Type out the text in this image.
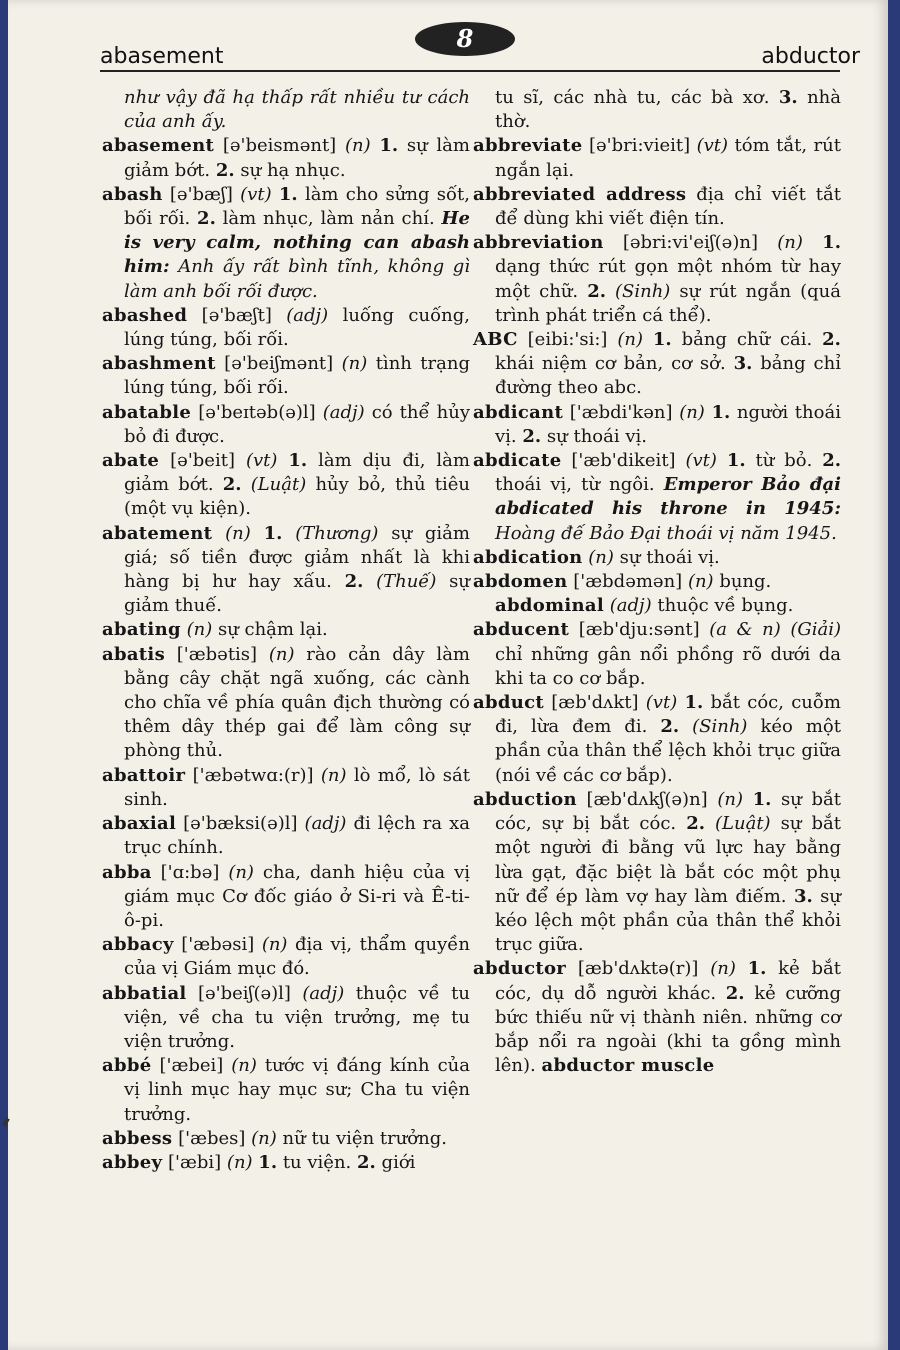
abasement	abductor
8

như vậy đã hạ thấp rất nhiều tư cách của anh ấy.

abasement [ə'beismənt] (n) 1. sự làm giảm bớt. 2. sự hạ nhục.

abash [ə'bæʃ] (vt) 1. làm cho sửng sốt, bối rối. 2. làm nhục, làm nản chí. He is very calm, nothing can abash him: Anh ấy rất bình tĩnh, không gì làm anh bối rối được.

abashed [ə'bæʃt] (adj) luống cuống, lúng túng, bối rối.

abashment [ə'beiʃmənt] (n) tình trạng lúng túng, bối rối.

abatable [ə'beɪtəb(ə)l] (adj) có thể hủy bỏ đi được.

abate [ə'beit] (vt) 1. làm dịu đi, làm giảm bớt. 2. (Luật) hủy bỏ, thủ tiêu (một vụ kiện).

abatement (n) 1. (Thương) sự giảm giá; số tiền được giảm nhất là khi hàng bị hư hay xấu. 2. (Thuế) sự giảm thuế.

abating (n) sự chậm lại.

abatis ['æbətis] (n) rào cản dây làm bằng cây chặt ngã xuống, các cành cho chĩa về phía quân địch thường có thêm dây thép gai để làm công sự phòng thủ.

abattoir ['æbətwɑ:(r)] (n) lò mổ, lò sát sinh.

abaxial [ə'bæksi(ə)l] (adj) đi lệch ra xa trục chính.

abba ['ɑ:bə] (n) cha, danh hiệu của vị giám mục Cơ đốc giáo ở Si-ri và Ê-ti-ô-pi.

abbacy ['æbəsi] (n) địa vị, thẩm quyền của vị Giám mục đó.

abbatial [ə'beiʃ(ə)l] (adj) thuộc về tu viện, về cha tu viện trưởng, mẹ tu viện trưởng.

abbé ['æbei] (n) tước vị đáng kính của vị linh mục hay mục sư; Cha tu viện trưởng.

abbess ['æbes] (n) nữ tu viện trưởng.

abbey ['æbi] (n) 1. tu viện. 2. giới

tu sĩ, các nhà tu, các bà xơ. 3. nhà thờ.

abbreviate [ə'bri:vieit] (vt) tóm tắt, rút ngắn lại.

abbreviated address địa chỉ viết tắt để dùng khi viết điện tín.

abbreviation [əbri:vi'eiʃ(ə)n] (n) 1. dạng thức rút gọn một nhóm từ hay một chữ. 2. (Sinh) sự rút ngắn (quá trình phát triển cá thể).

ABC [eibi:'si:] (n) 1. bảng chữ cái. 2. khái niệm cơ bản, cơ sở. 3. bảng chỉ đường theo abc.

abdicant ['æbdi'kən] (n) 1. người thoái vị. 2. sự thoái vị.

abdicate ['æb'dikeit] (vt) 1. từ bỏ. 2. thoái vị, từ ngôi. Emperor Bảo đại abdicated his throne in 1945: Hoàng đế Bảo Đại thoái vị năm 1945.

abdication (n) sự thoái vị.

abdomen ['æbdəmən] (n) bụng.

abdominal (adj) thuộc về bụng.

abducent [æb'dju:sənt] (a & n) (Giải) chỉ những gân nổi phồng rõ dưới da khi ta co cơ bắp.

abduct [æb'dʌkt] (vt) 1. bắt cóc, cuỗm đi, lừa đem đi. 2. (Sinh) kéo một phần của thân thể lệch khỏi trục giữa (nói về các cơ bắp).

abduction [æb'dʌkʃ(ə)n] (n) 1. sự bắt cóc, sự bị bắt cóc. 2. (Luật) sự bắt một người đi bằng vũ lực hay bằng lừa gạt, đặc biệt là bắt cóc một phụ nữ để ép làm vợ hay làm điếm. 3. sự kéo lệch một phần của thân thể khỏi trục giữa.

abductor [æb'dʌktə(r)] (n) 1. kẻ bắt cóc, dụ dỗ người khác. 2. kẻ cưỡng bức thiếu nữ vị thành niên. những cơ bắp nổi ra ngoài (khi ta gồng mình lên). abductor muscle
